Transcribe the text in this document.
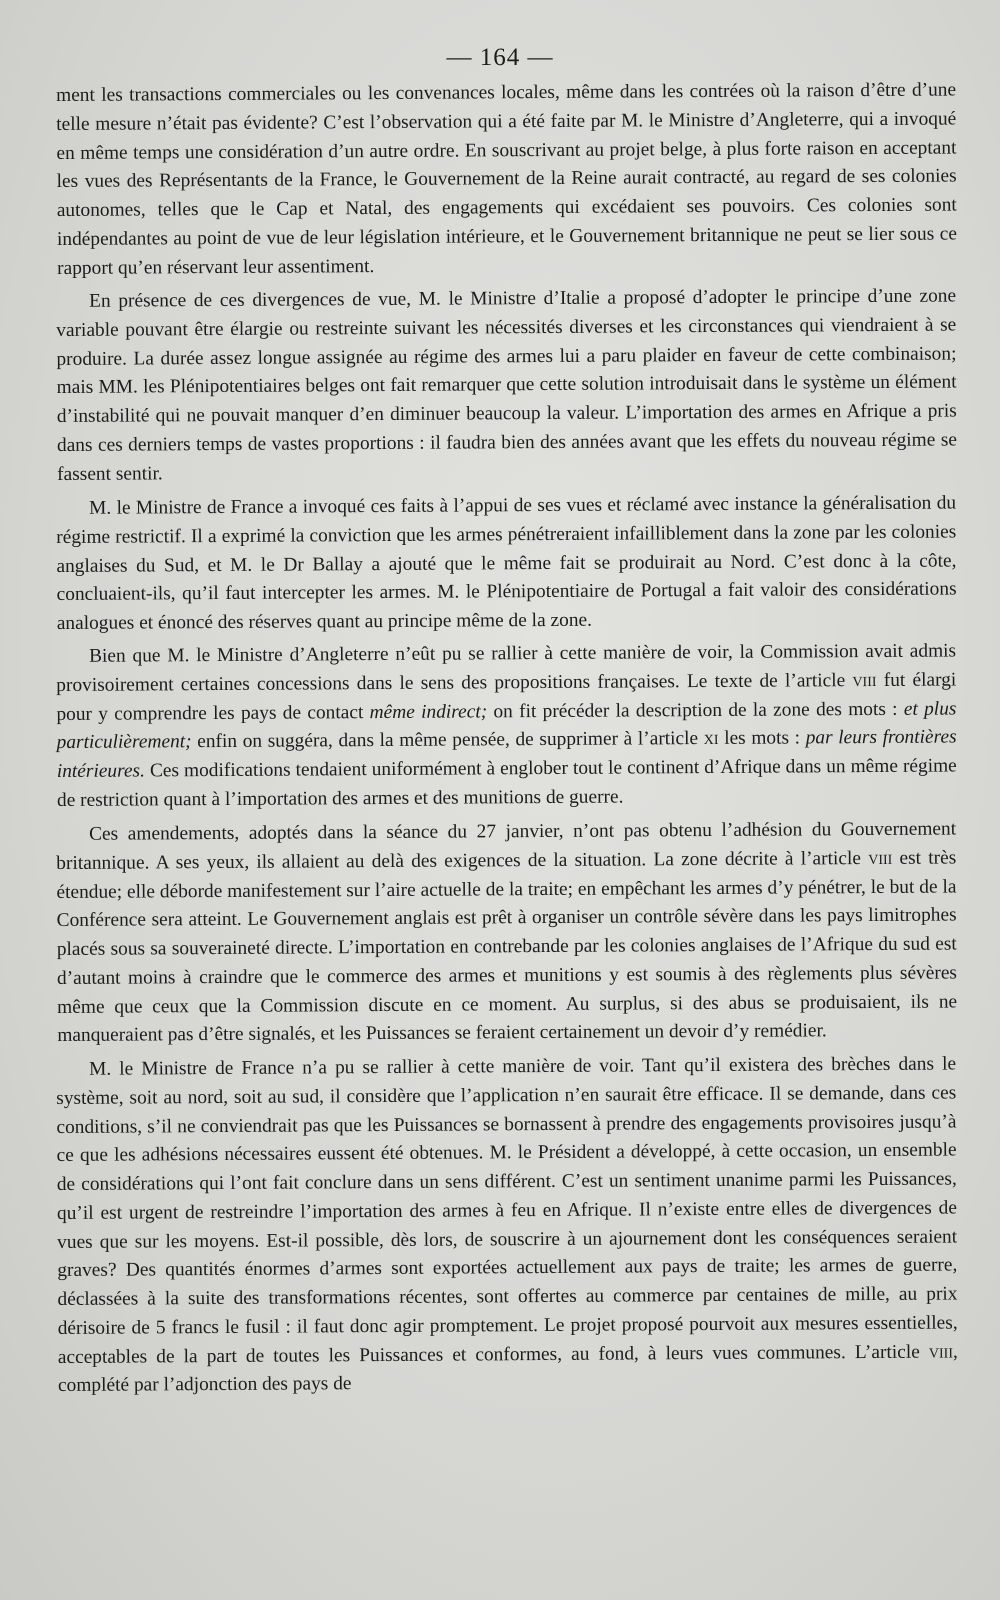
— 164 —

ment les transactions commerciales ou les convenances locales, même dans les contrées où la raison d’être d’une telle mesure n’était pas évidente? C’est l’observation qui a été faite par M. le Ministre d’Angleterre, qui a invoqué en même temps une considération d’un autre ordre. En souscrivant au projet belge, à plus forte raison en acceptant les vues des Représentants de la France, le Gouvernement de la Reine aurait contracté, au regard de ses colonies autonomes, telles que le Cap et Natal, des engagements qui excédaient ses pouvoirs. Ces colonies sont indépendantes au point de vue de leur législation intérieure, et le Gouvernement britannique ne peut se lier sous ce rapport qu’en réservant leur assentiment.

En présence de ces divergences de vue, M. le Ministre d’Italie a proposé d’adopter le principe d’une zone variable pouvant être élargie ou restreinte suivant les nécessités diverses et les circonstances qui viendraient à se produire. La durée assez longue assignée au régime des armes lui a paru plaider en faveur de cette combinaison; mais MM. les Plénipotentiaires belges ont fait remarquer que cette solution introduisait dans le système un élément d’instabilité qui ne pouvait manquer d’en diminuer beaucoup la valeur. L’importation des armes en Afrique a pris dans ces derniers temps de vastes proportions : il faudra bien des années avant que les effets du nouveau régime se fassent sentir.

M. le Ministre de France a invoqué ces faits à l’appui de ses vues et réclamé avec instance la généralisation du régime restrictif. Il a exprimé la conviction que les armes pénétreraient infailliblement dans la zone par les colonies anglaises du Sud, et M. le Dr Ballay a ajouté que le même fait se produirait au Nord. C’est donc à la côte, concluaient-ils, qu’il faut intercepter les armes. M. le Plénipotentiaire de Portugal a fait valoir des considérations analogues et énoncé des réserves quant au principe même de la zone.

Bien que M. le Ministre d’Angleterre n’eût pu se rallier à cette manière de voir, la Commission avait admis provisoirement certaines concessions dans le sens des propositions françaises. Le texte de l’article viii fut élargi pour y comprendre les pays de contact même indirect; on fit précéder la description de la zone des mots : et plus particulièrement; enfin on suggéra, dans la même pensée, de supprimer à l’article xi les mots : par leurs frontières intérieures. Ces modifications tendaient uniformément à englober tout le continent d’Afrique dans un même régime de restriction quant à l’importation des armes et des munitions de guerre.

Ces amendements, adoptés dans la séance du 27 janvier, n’ont pas obtenu l’adhésion du Gouvernement britannique. A ses yeux, ils allaient au delà des exigences de la situation. La zone décrite à l’article viii est très étendue; elle déborde manifestement sur l’aire actuelle de la traite; en empêchant les armes d’y pénétrer, le but de la Conférence sera atteint. Le Gouvernement anglais est prêt à organiser un contrôle sévère dans les pays limitrophes placés sous sa souveraineté directe. L’importation en contrebande par les colonies anglaises de l’Afrique du sud est d’autant moins à craindre que le commerce des armes et munitions y est soumis à des règlements plus sévères même que ceux que la Commission discute en ce moment. Au surplus, si des abus se produisaient, ils ne manqueraient pas d’être signalés, et les Puissances se feraient certainement un devoir d’y remédier.

M. le Ministre de France n’a pu se rallier à cette manière de voir. Tant qu’il existera des brèches dans le système, soit au nord, soit au sud, il considère que l’application n’en saurait être efficace. Il se demande, dans ces conditions, s’il ne conviendrait pas que les Puissances se bornassent à prendre des engagements provisoires jusqu’à ce que les adhésions nécessaires eussent été obtenues. M. le Président a développé, à cette occasion, un ensemble de considérations qui l’ont fait conclure dans un sens différent. C’est un sentiment unanime parmi les Puissances, qu’il est urgent de restreindre l’importation des armes à feu en Afrique. Il n’existe entre elles de divergences de vues que sur les moyens. Est-il possible, dès lors, de souscrire à un ajournement dont les conséquences seraient graves? Des quantités énormes d’armes sont exportées actuellement aux pays de traite; les armes de guerre, déclassées à la suite des transformations récentes, sont offertes au commerce par centaines de mille, au prix dérisoire de 5 francs le fusil : il faut donc agir promptement. Le projet proposé pourvoit aux mesures essentielles, acceptables de la part de toutes les Puissances et conformes, au fond, à leurs vues communes. L’article viii, complété par l’adjonction des pays de
